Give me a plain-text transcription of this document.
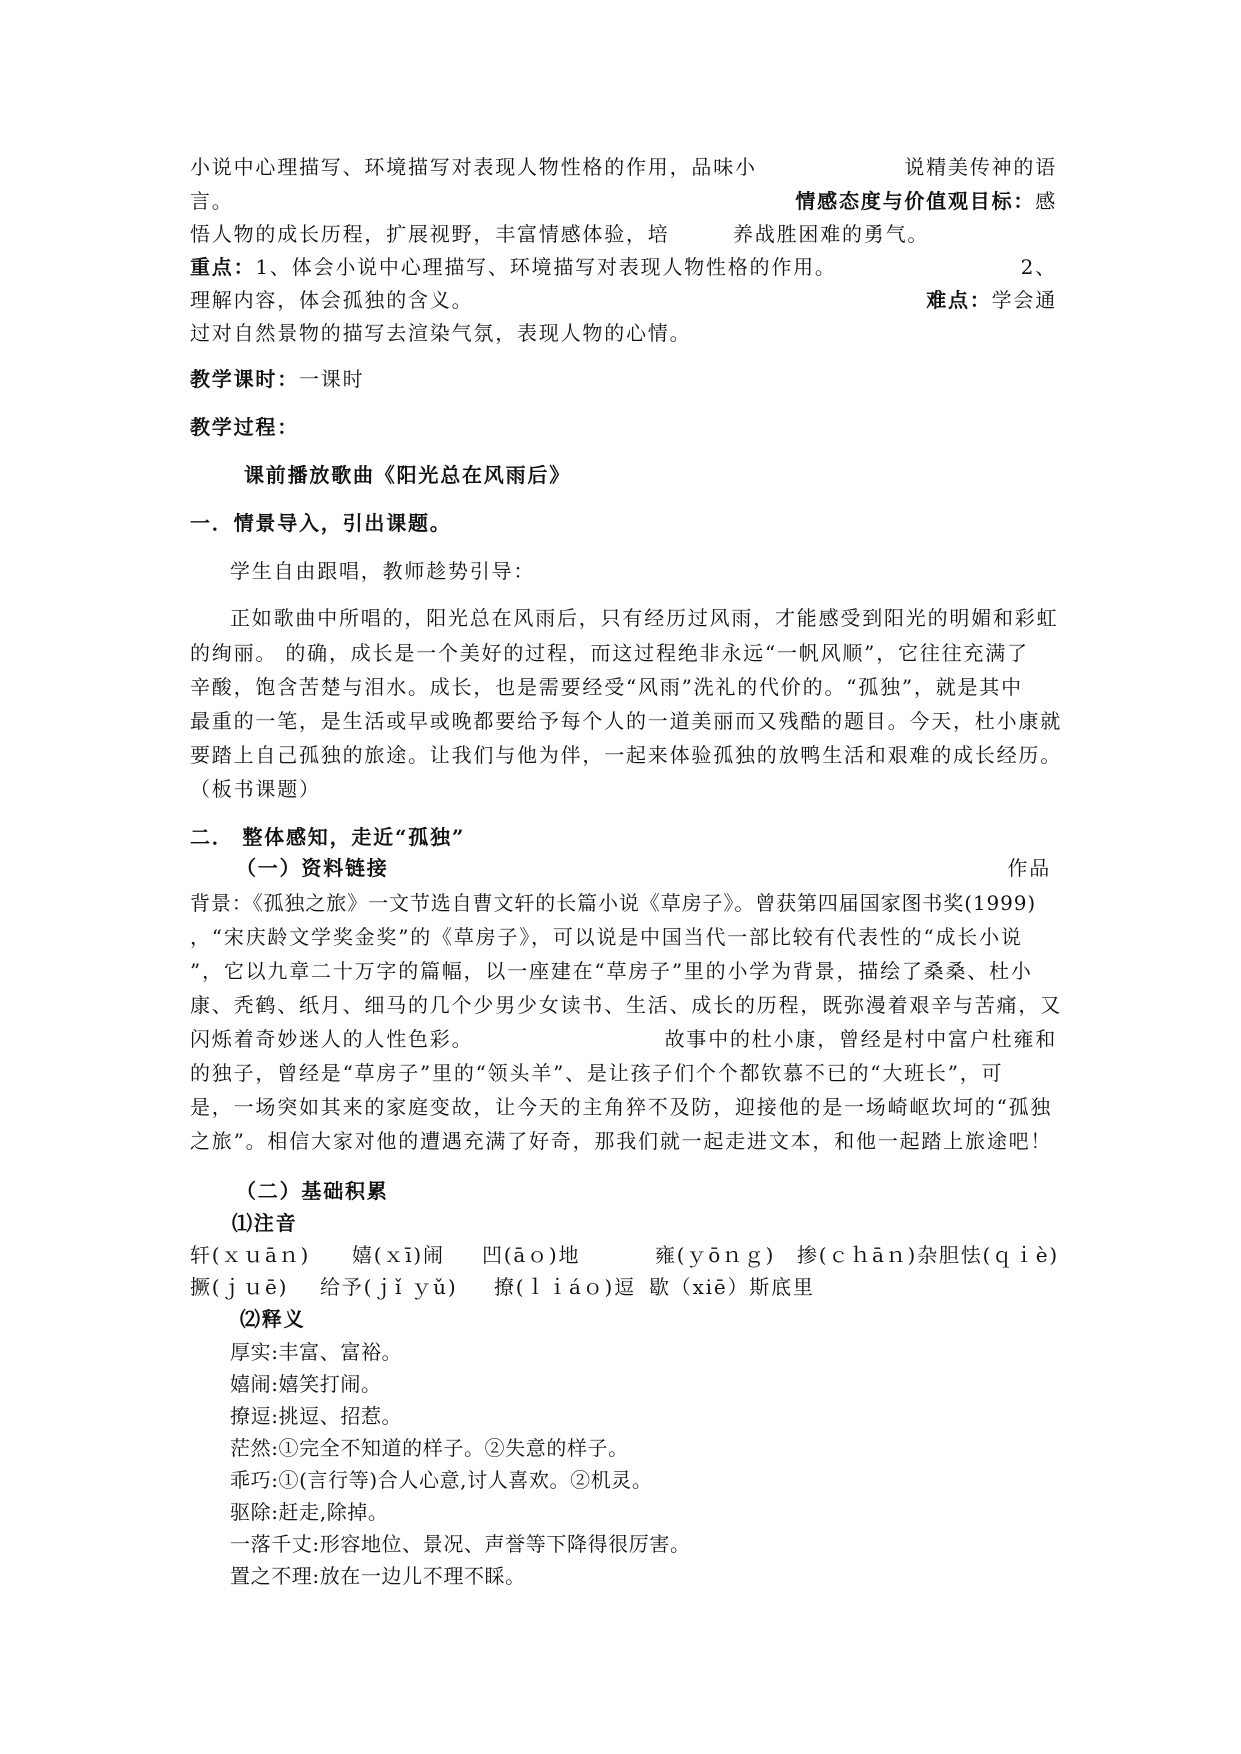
小说中心理描写、环境描写对表现人物性格的作用，品味小	说精美传神的语
言。	情感态度与价值观目标：感
悟人物的成长历程，扩展视野，丰富情感体验，培	养战胜困难的勇气。
重点：1、体会小说中心理描写、环境描写对表现人物性格的作用。	2、
理解内容，体会孤独的含义。	难点：学会通
过对自然景物的描写去渲染气氛，表现人物的心情。
教学课时：一课时
教学过程：
课前播放歌曲《阳光总在风雨后》
一．情景导入，引出课题。
学生自由跟唱，教师趁势引导：
正如歌曲中所唱的，阳光总在风雨后，只有经历过风雨，才能感受到阳光的明媚和彩虹
的绚丽。 的确，成长是一个美好的过程，而这过程绝非永远“一帆风顺”，它往往充满了
辛酸，饱含苦楚与泪水。成长，也是需要经受“风雨”洗礼的代价的。“孤独”，就是其中
最重的一笔，是生活或早或晚都要给予每个人的一道美丽而又残酷的题目。今天，杜小康就
要踏上自己孤独的旅途。让我们与他为伴，一起来体验孤独的放鸭生活和艰难的成长经历。
（板书课题）
二． 整体感知，走近“孤独”
（一）资料链接	作品
背景：《孤独之旅》一文节选自曹文轩的长篇小说《草房子》。曾获第四届国家图书奖(1999)
，“宋庆龄文学奖金奖”的《草房子》，可以说是中国当代一部比较有代表性的“成长小说
”，它以九章二十万字的篇幅，以一座建在“草房子”里的小学为背景，描绘了桑桑、杜小
康、秃鹤、纸月、细马的几个少男少女读书、生活、成长的历程，既弥漫着艰辛与苦痛，又
闪烁着奇妙迷人的人性色彩。	故事中的杜小康，曾经是村中富户杜雍和
的独子，曾经是“草房子”里的“领头羊”、是让孩子们个个都钦慕不已的“大班长”，可
是，一场突如其来的家庭变故，让今天的主角猝不及防，迎接他的是一场崎岖坎坷的“孤独
之旅”。相信大家对他的遭遇充满了好奇，那我们就一起走进文本，和他一起踏上旅途吧！
（二）基础积累
⑴注音
轩(ｘｕāｎ) 嬉(ｘī)闹 凹(āｏ)地	雍(ｙōｎｇ) 掺(ｃｈāｎ)杂胆怯(ｑｉè)
撅(ｊｕē) 给予(ｊǐ ｙǔ) 撩(ｌｉáｏ)逗 歇（xiē）斯底里
⑵释义
厚实:丰富、富裕。
嬉闹:嬉笑打闹。
撩逗:挑逗、招惹。
茫然:①完全不知道的样子。②失意的样子。
乖巧:①(言行等)合人心意,讨人喜欢。②机灵。
驱除:赶走,除掉。
一落千丈:形容地位、景况、声誉等下降得很厉害。
置之不理:放在一边儿不理不睬。
